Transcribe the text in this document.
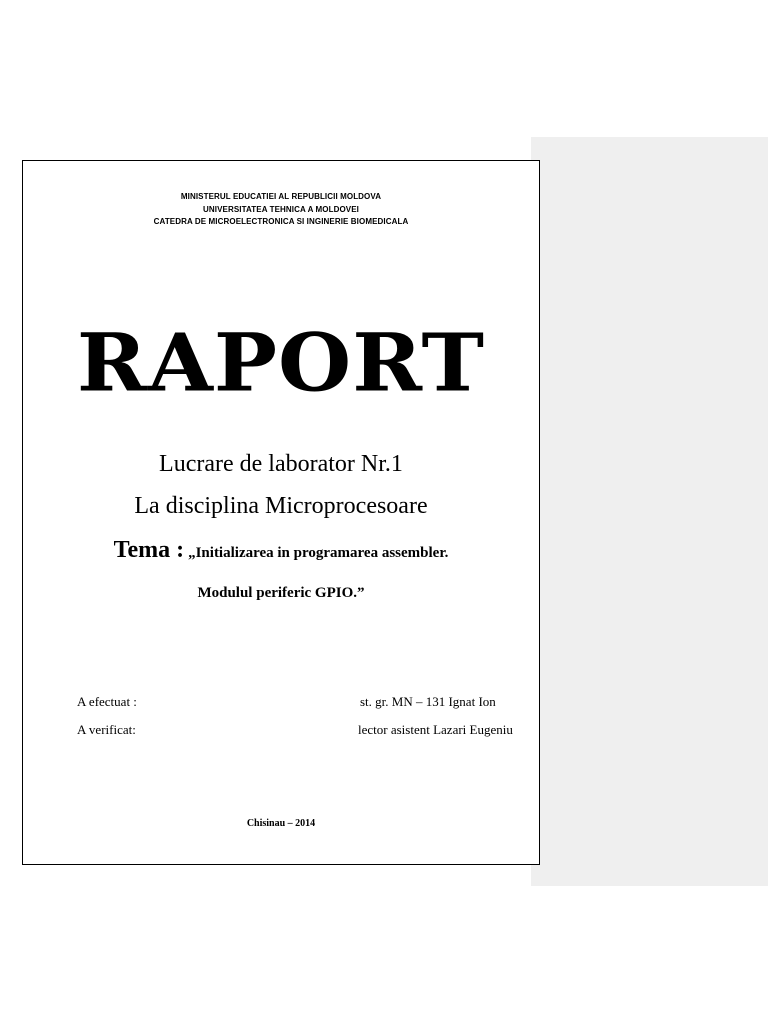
MINISTERUL EDUCATIEI AL REPUBLICII MOLDOVA
UNIVERSITATEA TEHNICA A MOLDOVEI
CATEDRA DE MICROELECTRONICA SI INGINERIE BIOMEDICALA
RAPORT
Lucrare de laborator Nr.1
La disciplina Microprocesoare
Tema : „Initializarea in programarea assembler.
Modulul periferic GPIO.”
A efectuat :	st. gr. MN – 131 Ignat Ion
A verificat:	lector asistent Lazari Eugeniu
Chisinau – 2014
